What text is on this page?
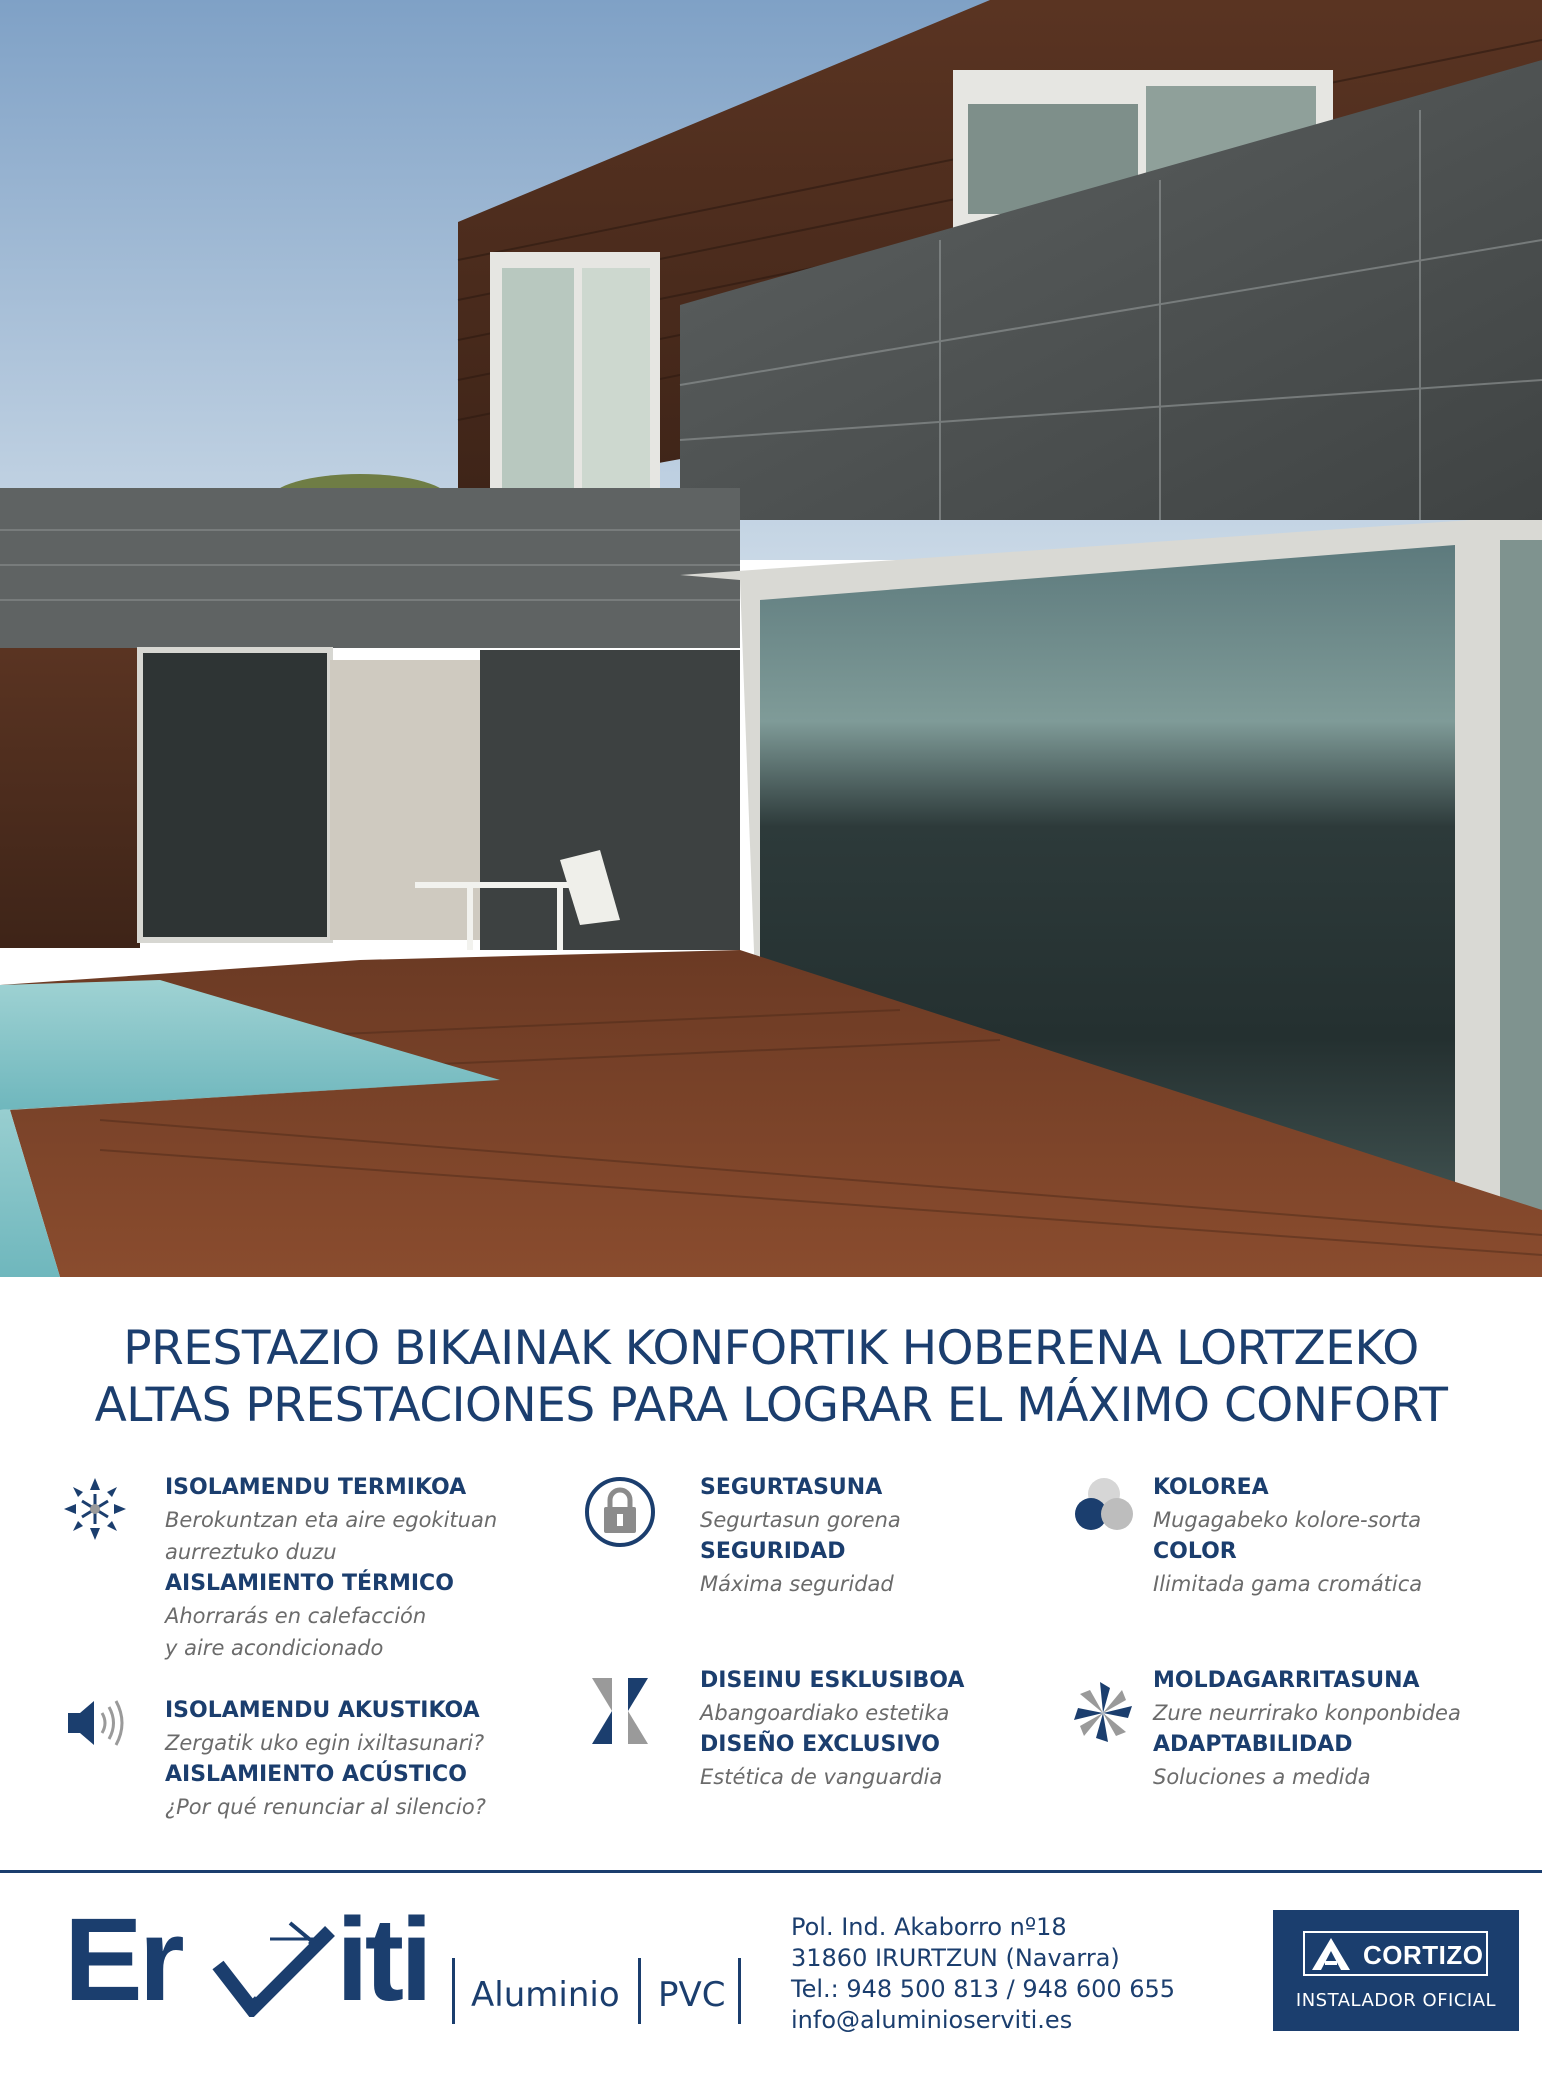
PRESTAZIO BIKAINAK KONFORTIK HOBERENA LORTZEKO
ALTAS PRESTACIONES PARA LOGRAR EL MÁXIMO CONFORT
ISOLAMENDU TERMIKOA
Berokuntzan eta aire egokituan
aurreztuko duzu
AISLAMIENTO TÉRMICO
Ahorrarás en calefacción
y aire acondicionado
ISOLAMENDU AKUSTIKOA
Zergatik uko egin ixiltasunari?
AISLAMIENTO ACÚSTICO
¿Por qué renunciar al silencio?
SEGURTASUNA
Segurtasun gorena
SEGURIDAD
Máxima seguridad
DISEINU ESKLUSIBOA
Abangoardiako estetika
DISEÑO EXCLUSIVO
Estética de vanguardia
KOLOREA
Mugagabeko kolore-sorta
COLOR
Ilimitada gama cromática
MOLDAGARRITASUNA
Zure neurrirako konponbidea
ADAPTABILIDAD
Soluciones a medida
Er iti Aluminio PVC
Pol. Ind. Akaborro nº18
31860 IRURTZUN (Navarra)
Tel.: 948 500 813 / 948 600 655
info@aluminioserviti.es
CORTIZO
INSTALADOR OFICIAL
